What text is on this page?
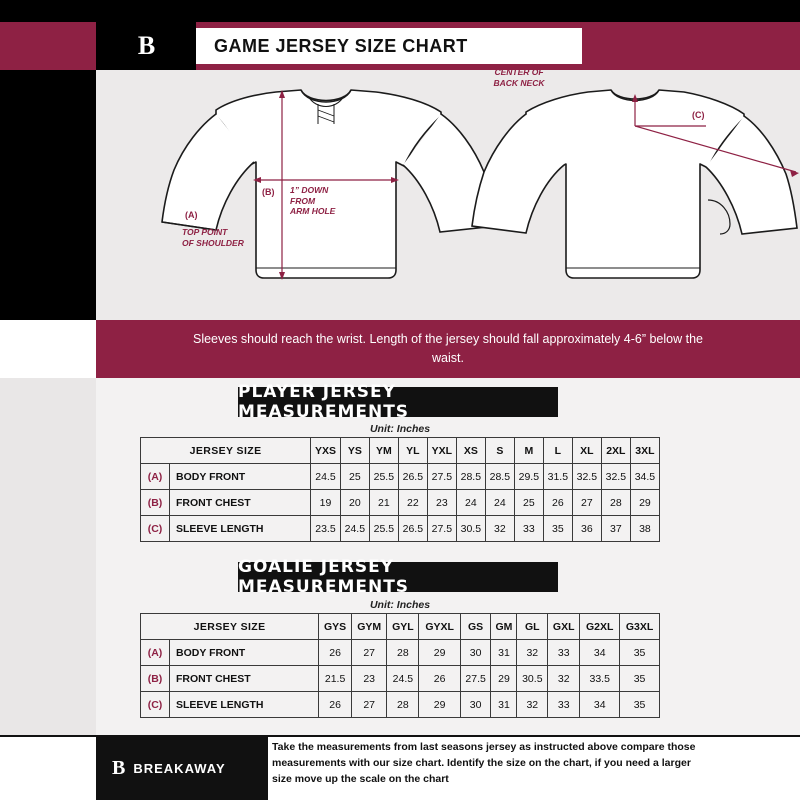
B	GAME JERSEY SIZE CHART
CENTER OF
BACK NECK
(C)
(B)
(A)
1” DOWN
FROM
ARM HOLE
TOP POINT
OF SHOULDER
Sleeves should reach the wrist. Length of the jersey should fall approximately 4-6” below the waist.
PLAYER JERSEY MEASUREMENTS
Unit: Inches
JERSEY SIZE		YXS	YS	YM	YL	YXL	XS	S	M	L	XL	2XL	3XL
(A)	BODY FRONT	24.5	25	25.5	26.5	27.5	28.5	28.5	29.5	31.5	32.5	32.5	34.5
(B)	FRONT CHEST	19	20	21	22	23	24	24	25	26	27	28	29
(C)	SLEEVE LENGTH	23.5	24.5	25.5	26.5	27.5	30.5	32	33	35	36	37	38
GOALIE JERSEY MEASUREMENTS
Unit: Inches
JERSEY SIZE		GYS	GYM	GYL	GYXL	GS	GM	GL	GXL	G2XL	G3XL
(A)	BODY FRONT	26	27	28	29	30	31	32	33	34	35
(B)	FRONT CHEST	21.5	23	24.5	26	27.5	29	30.5	32	33.5	35
(C)	SLEEVE LENGTH	26	27	28	29	30	31	32	33	34	35
B BREAKAWAY
Take the measurements from last seasons jersey as instructed above compare those measurements with our size chart. Identify the size on the chart, if you need a larger size move up the scale on the chart
